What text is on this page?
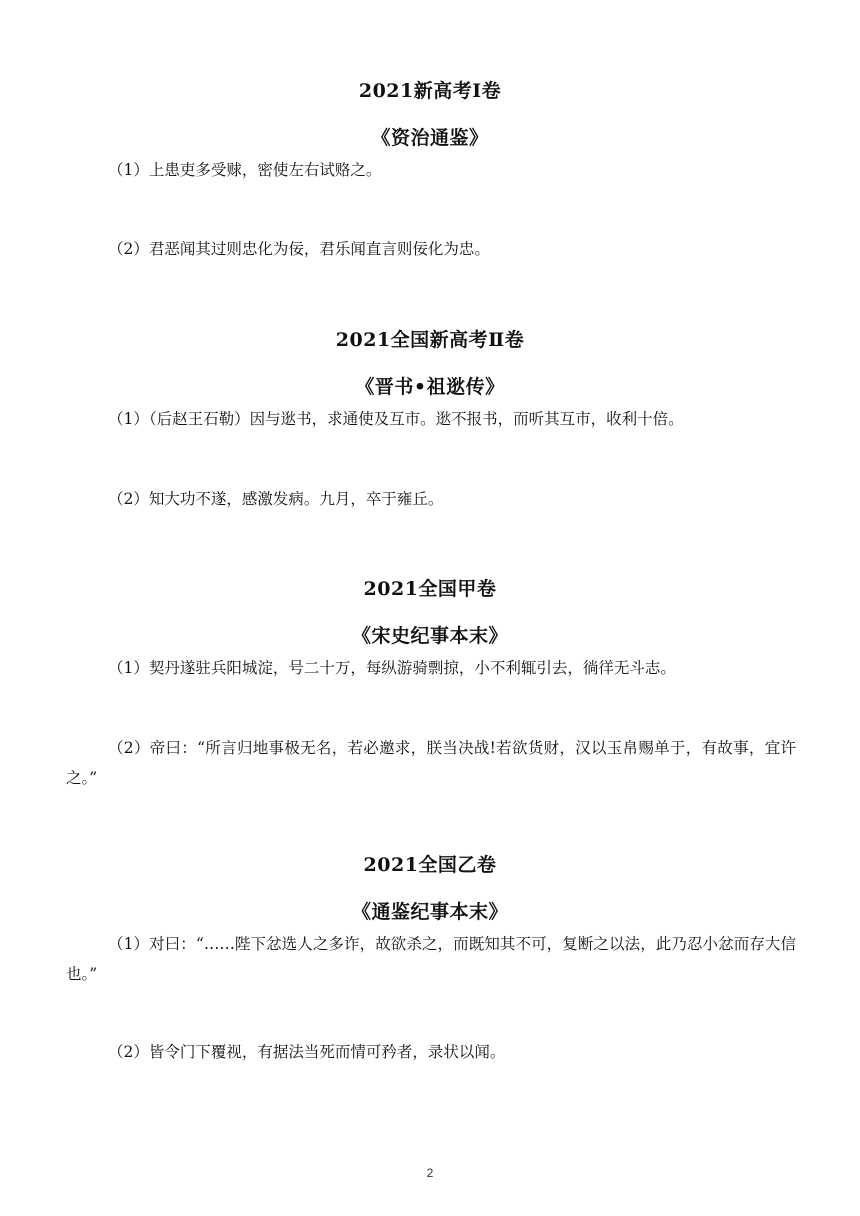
2021新高考Ⅰ卷
《资治通鉴》

（1）上患吏多受赇，密使左右试赂之。

（2）君恶闻其过则忠化为佞，君乐闻直言则佞化为忠。

2021全国新高考Ⅱ卷
《晋书•祖逖传》

（1）（后赵王石勒）因与逖书，求通使及互市。逖不报书，而听其互市，收利十倍。

（2）知大功不遂，感激发病。九月，卒于雍丘。

2021全国甲卷
《宋史纪事本末》

（1）契丹遂驻兵阳城淀，号二十万，每纵游骑剽掠，小不利辄引去，徜徉无斗志。

（2）帝曰：“所言归地事极无名，若必邀求，朕当决战!若欲货财，汉以玉帛赐单于，有故事，宜许之。”

2021全国乙卷
《通鉴纪事本末》

（1）对曰：“……陛下忿选人之多诈，故欲杀之，而既知其不可，复断之以法，此乃忍小忿而存大信也。”

（2）皆令门下覆视，有据法当死而情可矜者，录状以闻。

2
